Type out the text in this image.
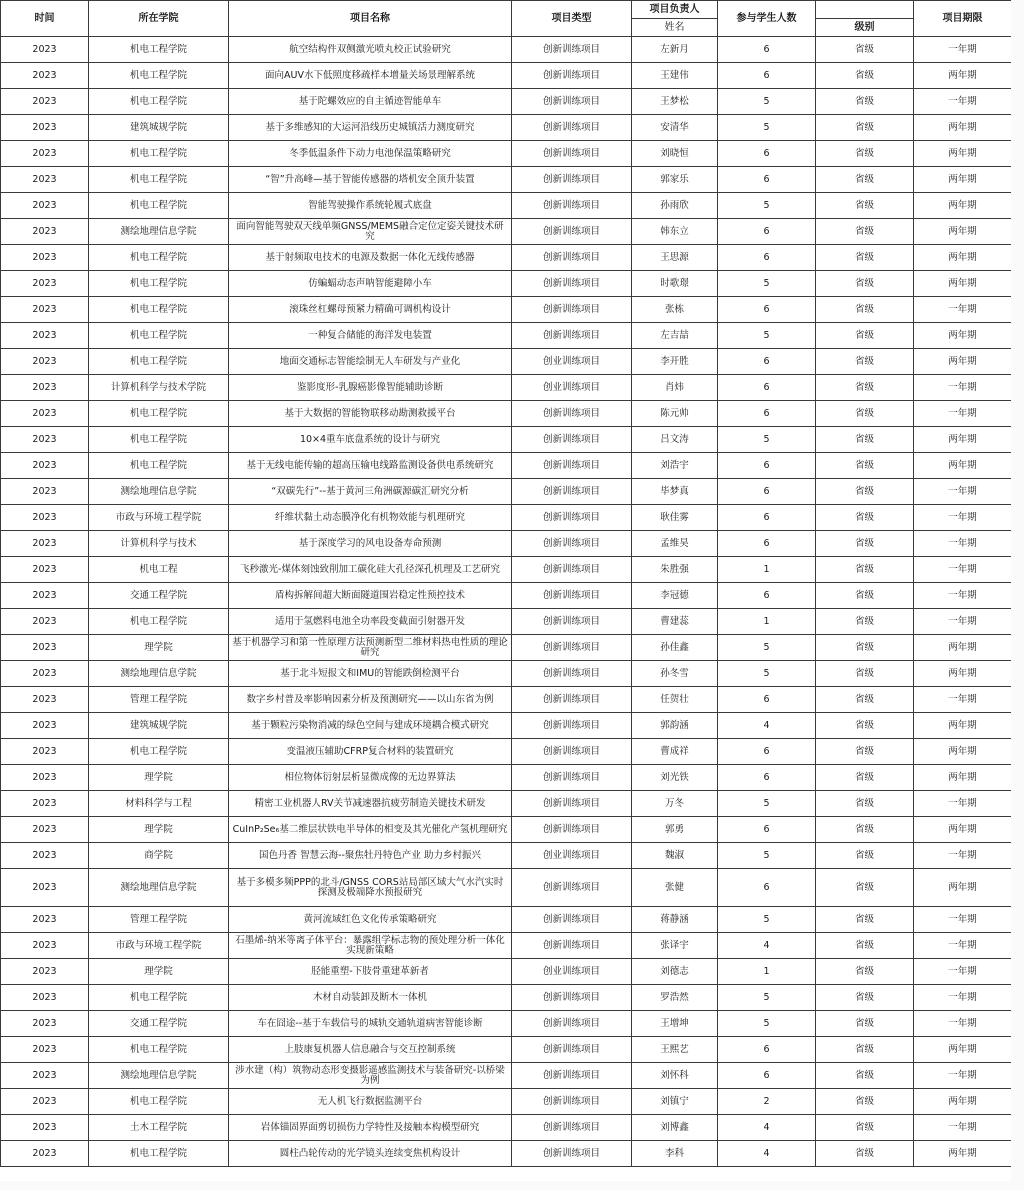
时间	所在学院	项目名称	项目类型	项目负责人	参与学生人数		项目期限
				姓名		级别	
2023	机电工程学院	航空结构件双侧激光喷丸校正试验研究	创新训练项目	左新月	6	省级	一年期
2023	机电工程学院	面向AUV水下低照度移疏样本增量关场景理解系统	创新训练项目	王建伟	6	省级	两年期
2023	机电工程学院	基于陀螺效应的自主循迹智能单车	创新训练项目	王梦松	5	省级	一年期
2023	建筑城规学院	基于多维感知的大运河沿线历史城镇活力测度研究	创新训练项目	安清华	5	省级	两年期
2023	机电工程学院	冬季低温条件下动力电池保温策略研究	创新训练项目	刘晓恒	6	省级	两年期
2023	机电工程学院	“智”升高峰—基于智能传感器的塔机安全顶升装置	创新训练项目	郭家乐	6	省级	两年期
2023	机电工程学院	智能驾驶操作系统轮履式底盘	创新训练项目	孙雨欣	5	省级	两年期
2023	测绘地理信息学院	面向智能驾驶双天线单频GNSS/MEMS融合定位定姿关键技术研究	创新训练项目	韩东立	6	省级	两年期
2023	机电工程学院	基于射频取电技术的电源及数据一体化无线传感器	创新训练项目	王思源	6	省级	两年期
2023	机电工程学院	仿蝙蝠动态声呐智能避障小车	创新训练项目	时歌璟	5	省级	两年期
2023	机电工程学院	滚珠丝杠螺母预紧力精确可调机构设计	创新训练项目	张栋	6	省级	一年期
2023	机电工程学院	一种复合储能的海洋发电装置	创新训练项目	左吉喆	5	省级	两年期
2023	机电工程学院	地面交通标志智能绘制无人车研发与产业化	创业训练项目	李开胜	6	省级	两年期
2023	计算机科学与技术学院	鉴影度形-乳腺癌影像智能辅助诊断	创业训练项目	肖炜	6	省级	一年期
2023	机电工程学院	基于大数据的智能物联移动勘测救援平台	创新训练项目	陈元帅	6	省级	一年期
2023	机电工程学院	10×4重车底盘系统的设计与研究	创新训练项目	吕文涛	5	省级	两年期
2023	机电工程学院	基于无线电能传输的超高压输电线路监测设备供电系统研究	创新训练项目	刘浩宇	6	省级	两年期
2023	测绘地理信息学院	“双碳先行”--基于黄河三角洲碳源碳汇研究分析	创新训练项目	毕梦真	6	省级	一年期
2023	市政与环境工程学院	纤维状黏土动态膜净化有机物效能与机理研究	创新训练项目	耿佳雾	6	省级	一年期
2023	计算机科学与技术	基于深度学习的风电设备寿命预测	创新训练项目	孟维昊	6	省级	一年期
2023	机电工程	飞秒激光-煤体刻蚀致削加工碳化硅大孔径深孔机理及工艺研究	创新训练项目	朱胜强	1	省级	一年期
2023	交通工程学院	盾构拆解间超大断面隧道围岩稳定性预控技术	创新训练项目	李冠德	6	省级	一年期
2023	机电工程学院	适用于氢燃料电池全功率段变截面引射器开发	创新训练项目	曹建蕊	1	省级	一年期
2023	理学院	基于机器学习和第一性原理方法预测新型二维材料热电性质的理论研究	创新训练项目	孙佳鑫	5	省级	两年期
2023	测绘地理信息学院	基于北斗短报文和IMU的智能跌倒检测平台	创新训练项目	孙冬雪	5	省级	两年期
2023	管理工程学院	数字乡村普及率影响因素分析及预测研究——以山东省为例	创新训练项目	任贺壮	6	省级	一年期
2023	建筑城规学院	基于颗粒污染物消减的绿色空间与建成环境耦合模式研究	创新训练项目	郭韵涵	4	省级	两年期
2023	机电工程学院	变温液压辅助CFRP复合材料的装置研究	创新训练项目	曹成祥	6	省级	两年期
2023	理学院	相位物体衍射层析显微成像的无边界算法	创新训练项目	刘光铁	6	省级	两年期
2023	材料科学与工程	精密工业机器人RV关节减速器抗疲劳制造关键技术研发	创新训练项目	万冬	5	省级	一年期
2023	理学院	CuInP₂Se₆基二维层状铁电半导体的相变及其光催化产氢机理研究	创新训练项目	郭勇	6	省级	两年期
2023	商学院	国色丹香 智慧云海--聚焦牡丹特色产业 助力乡村振兴	创业训练项目	魏淑	5	省级	一年期
2023	测绘地理信息学院	基于多模多频PPP的北斗/GNSS CORS站局部区域大气水汽实时探测及极端降水预报研究	创新训练项目	张健	6	省级	两年期
2023	管理工程学院	黄河流域红色文化传承策略研究	创新训练项目	蒋静涵	5	省级	一年期
2023	市政与环境工程学院	石墨烯-纳米等离子体平台：暴露组学标志物的预处理分析一体化实现新策略	创新训练项目	张译宇	4	省级	一年期
2023	理学院	胫能重塑-下肢骨重建革新者	创业训练项目	刘德志	1	省级	一年期
2023	机电工程学院	木材自动装卸及断木一体机	创新训练项目	罗浩然	5	省级	一年期
2023	交通工程学院	车在囧途--基于车载信号的城轨交通轨道病害智能诊断	创新训练项目	王增坤	5	省级	一年期
2023	机电工程学院	上肢康复机器人信息融合与交互控制系统	创新训练项目	王熙艺	6	省级	两年期
2023	测绘地理信息学院	涉水建（构）筑物动态形变摄影遥感监测技术与装备研究-以桥梁为例	创新训练项目	刘怀科	6	省级	一年期
2023	机电工程学院	无人机飞行数据监测平台	创新训练项目	刘镇宁	2	省级	两年期
2023	土木工程学院	岩体锚固界面剪切损伤力学特性及接触本构模型研究	创新训练项目	刘博鑫	4	省级	一年期
2023	机电工程学院	圆柱凸轮传动的光学镜头连续变焦机构设计	创新训练项目	李科	4	省级	两年期
